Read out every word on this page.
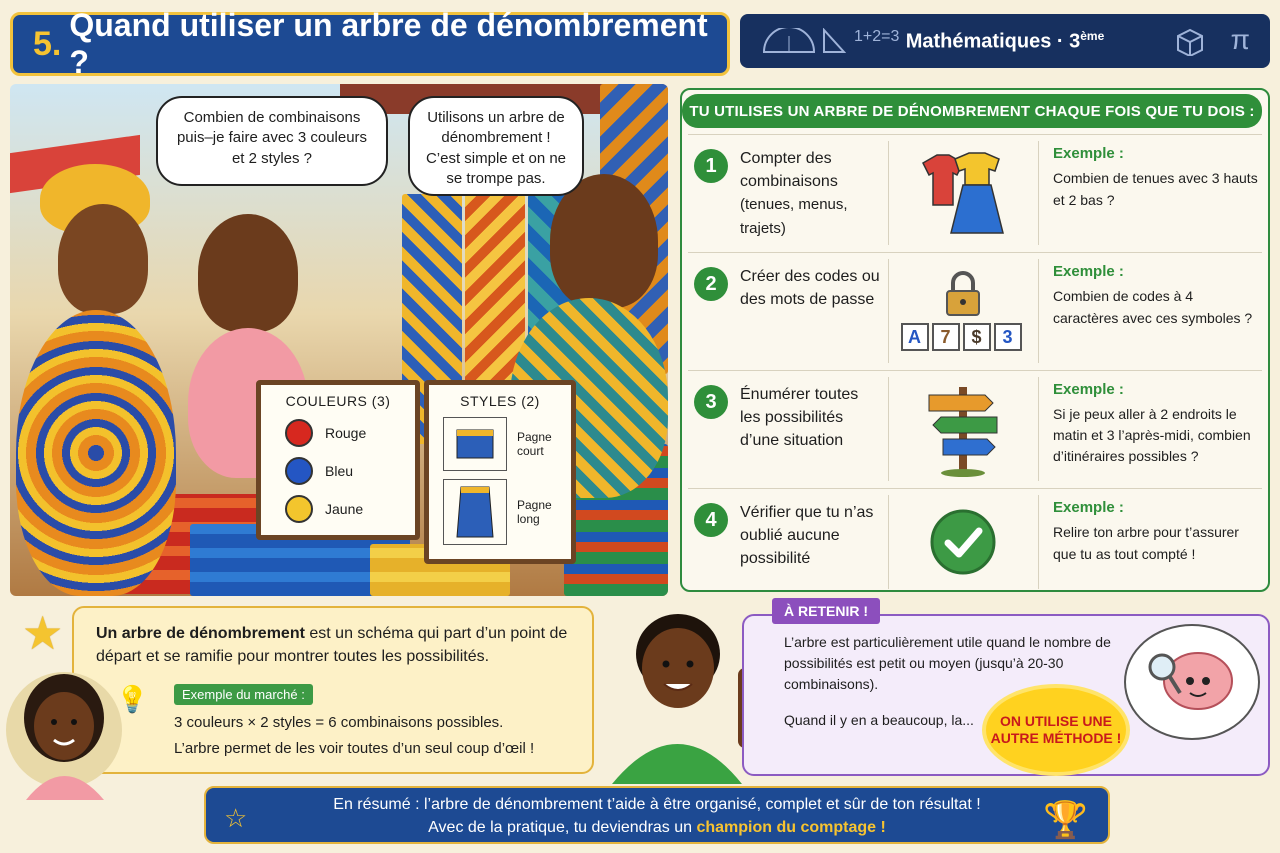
5. Quand utiliser un arbre de dénombrement ?
1+2=3 Mathématiques · 3ème	π
Combien de combinaisons puis–je faire avec 3 couleurs et 2 styles ?
Utilisons un arbre de dénombrement ! C’est simple et on ne se trompe pas.
COULEURS (3)
Rouge
Bleu
Jaune
STYLES (2)
Pagne court
Pagne long
TU UTILISES UN ARBRE DE DÉNOMBREMENT CHAQUE FOIS QUE TU DOIS :
1	Compter des combinaisons
(tenues, menus, trajets)
Exemple :
Combien de tenues avec 3 hauts et 2 bas ?
2	Créer des codes ou des mots de passe
A 7 $ 3
Exemple :
Combien de codes à 4 caractères avec ces symboles ?
3	Énumérer toutes les possibilités d’une situation
Exemple :
Si je peux aller à 2 endroits le matin et 3 l’après-midi, combien d’itinéraires possibles ?
4	Vérifier que tu n’as oublié aucune possibilité
Exemple :
Relire ton arbre pour t’assurer que tu as tout compté !
★ Un arbre de dénombrement est un schéma qui part d’un point de départ et se ramifie pour montrer toutes les possibilités.
Exemple du marché :
3 couleurs × 2 styles = 6 combinaisons possibles.
L’arbre permet de les voir toutes d’un seul coup d’œil !
💡
L’arbre est particulièrement utile quand le nombre de possibilités est petit ou moyen (jusqu’à 20-30 combinaisons).
Quand il y en a beaucoup, la...	ON UTILISE UNE AUTRE MÉTHODE !
À RETENIR !
☆	En résumé : l’arbre de dénombrement t’aide à être organisé, complet et sûr de ton résultat !
Avec de la pratique, tu deviendras un champion du comptage !	🏆
